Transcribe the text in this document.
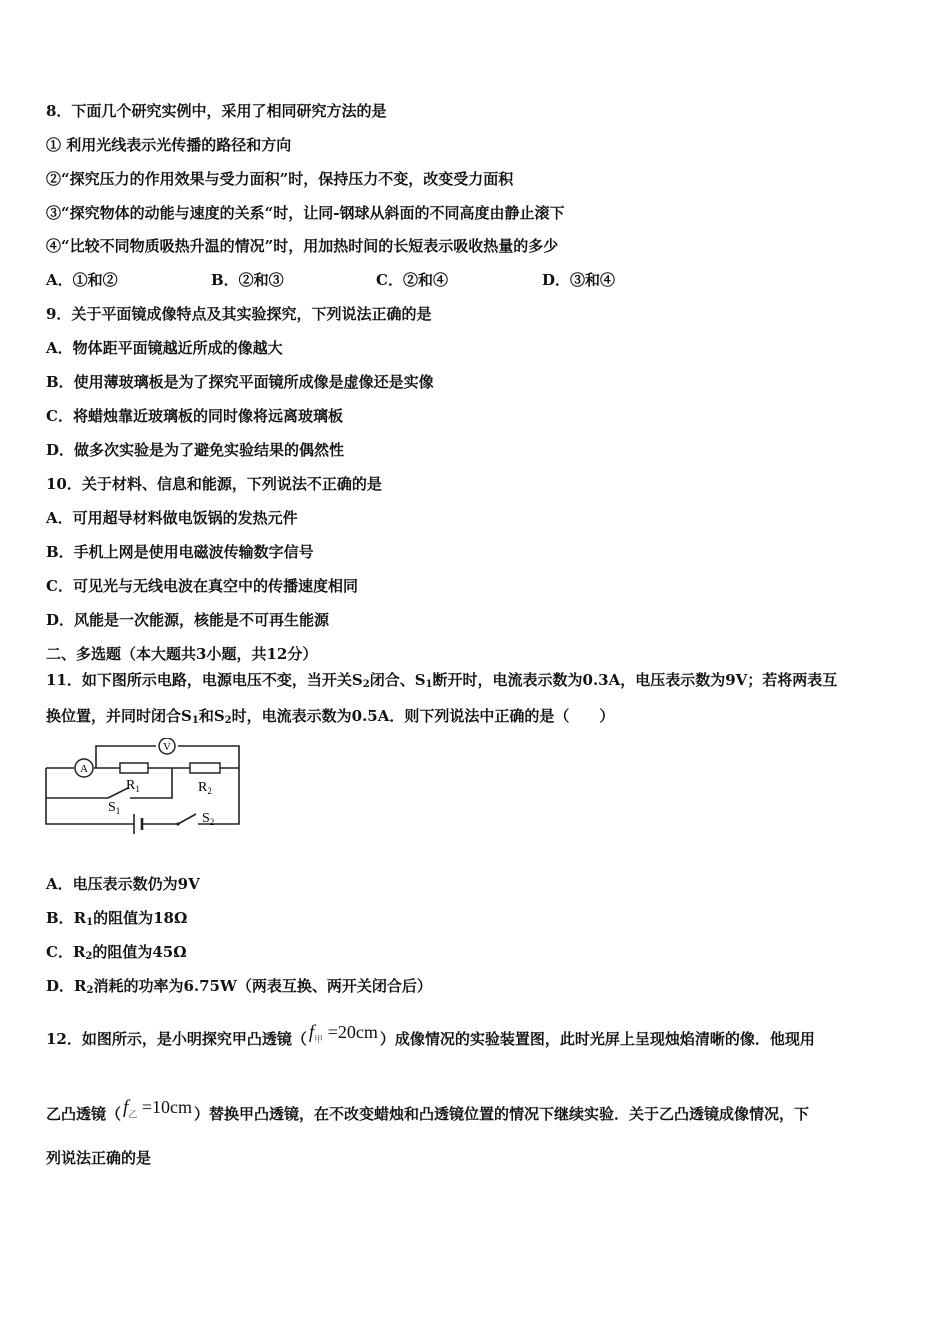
8．下面几个研究实例中，采用了相同研究方法的是
① 利用光线表示光传播的路径和方向
②“探究压力的作用效果与受力面积”时，保持压力不变，改变受力面积
③“探究物体的动能与速度的关系“时，让同-钢球从斜面的不同高度由静止滚下
④“比较不同物质吸热升温的情况”时，用加热时间的长短表示吸收热量的多少
A．①和②	B．②和③	C．②和④	D．③和④
9．关于平面镜成像特点及其实验探究，下列说法正确的是
A．物体距平面镜越近所成的像越大
B．使用薄玻璃板是为了探究平面镜所成像是虚像还是实像
C．将蜡烛靠近玻璃板的同时像将远离玻璃板
D．做多次实验是为了避免实验结果的偶然性
10．关于材料、信息和能源，下列说法不正确的是
A．可用超导材料做电饭锅的发热元件
B．手机上网是使用电磁波传输数字信号
C．可见光与无线电波在真空中的传播速度相同
D．风能是一次能源，核能是不可再生能源
二、多选题（本大题共3小题，共12分）
11．如下图所示电路，电源电压不变，当开关$S_2$闭合、$S_1$断开时，电流表示数为0.3A，电压表示数为9V；若将两表互
换位置，并同时闭合$S_1$和$S_2$时，电流表示数为0.5A．则下列说法中正确的是（　　）
V
A
$R_1$	$R_2$
$S_1$	$S_2$
A．电压表示数仍为9V
B．$R_1$的阻值为18Ω
C．$R_2$的阻值为45Ω
D．$R_2$消耗的功率为6.75W（两表互换、两开关闭合后）
12．如图所示，是小明探究甲凸透镜（ $f_甲 =20cm$ ）成像情况的实验装置图，此时光屏上呈现烛焰清晰的像．他现用
乙凸透镜（ $f_乙 =10cm$ ）替换甲凸透镜，在不改变蜡烛和凸透镜位置的情况下继续实验．关于乙凸透镜成像情况，下
列说法正确的是
